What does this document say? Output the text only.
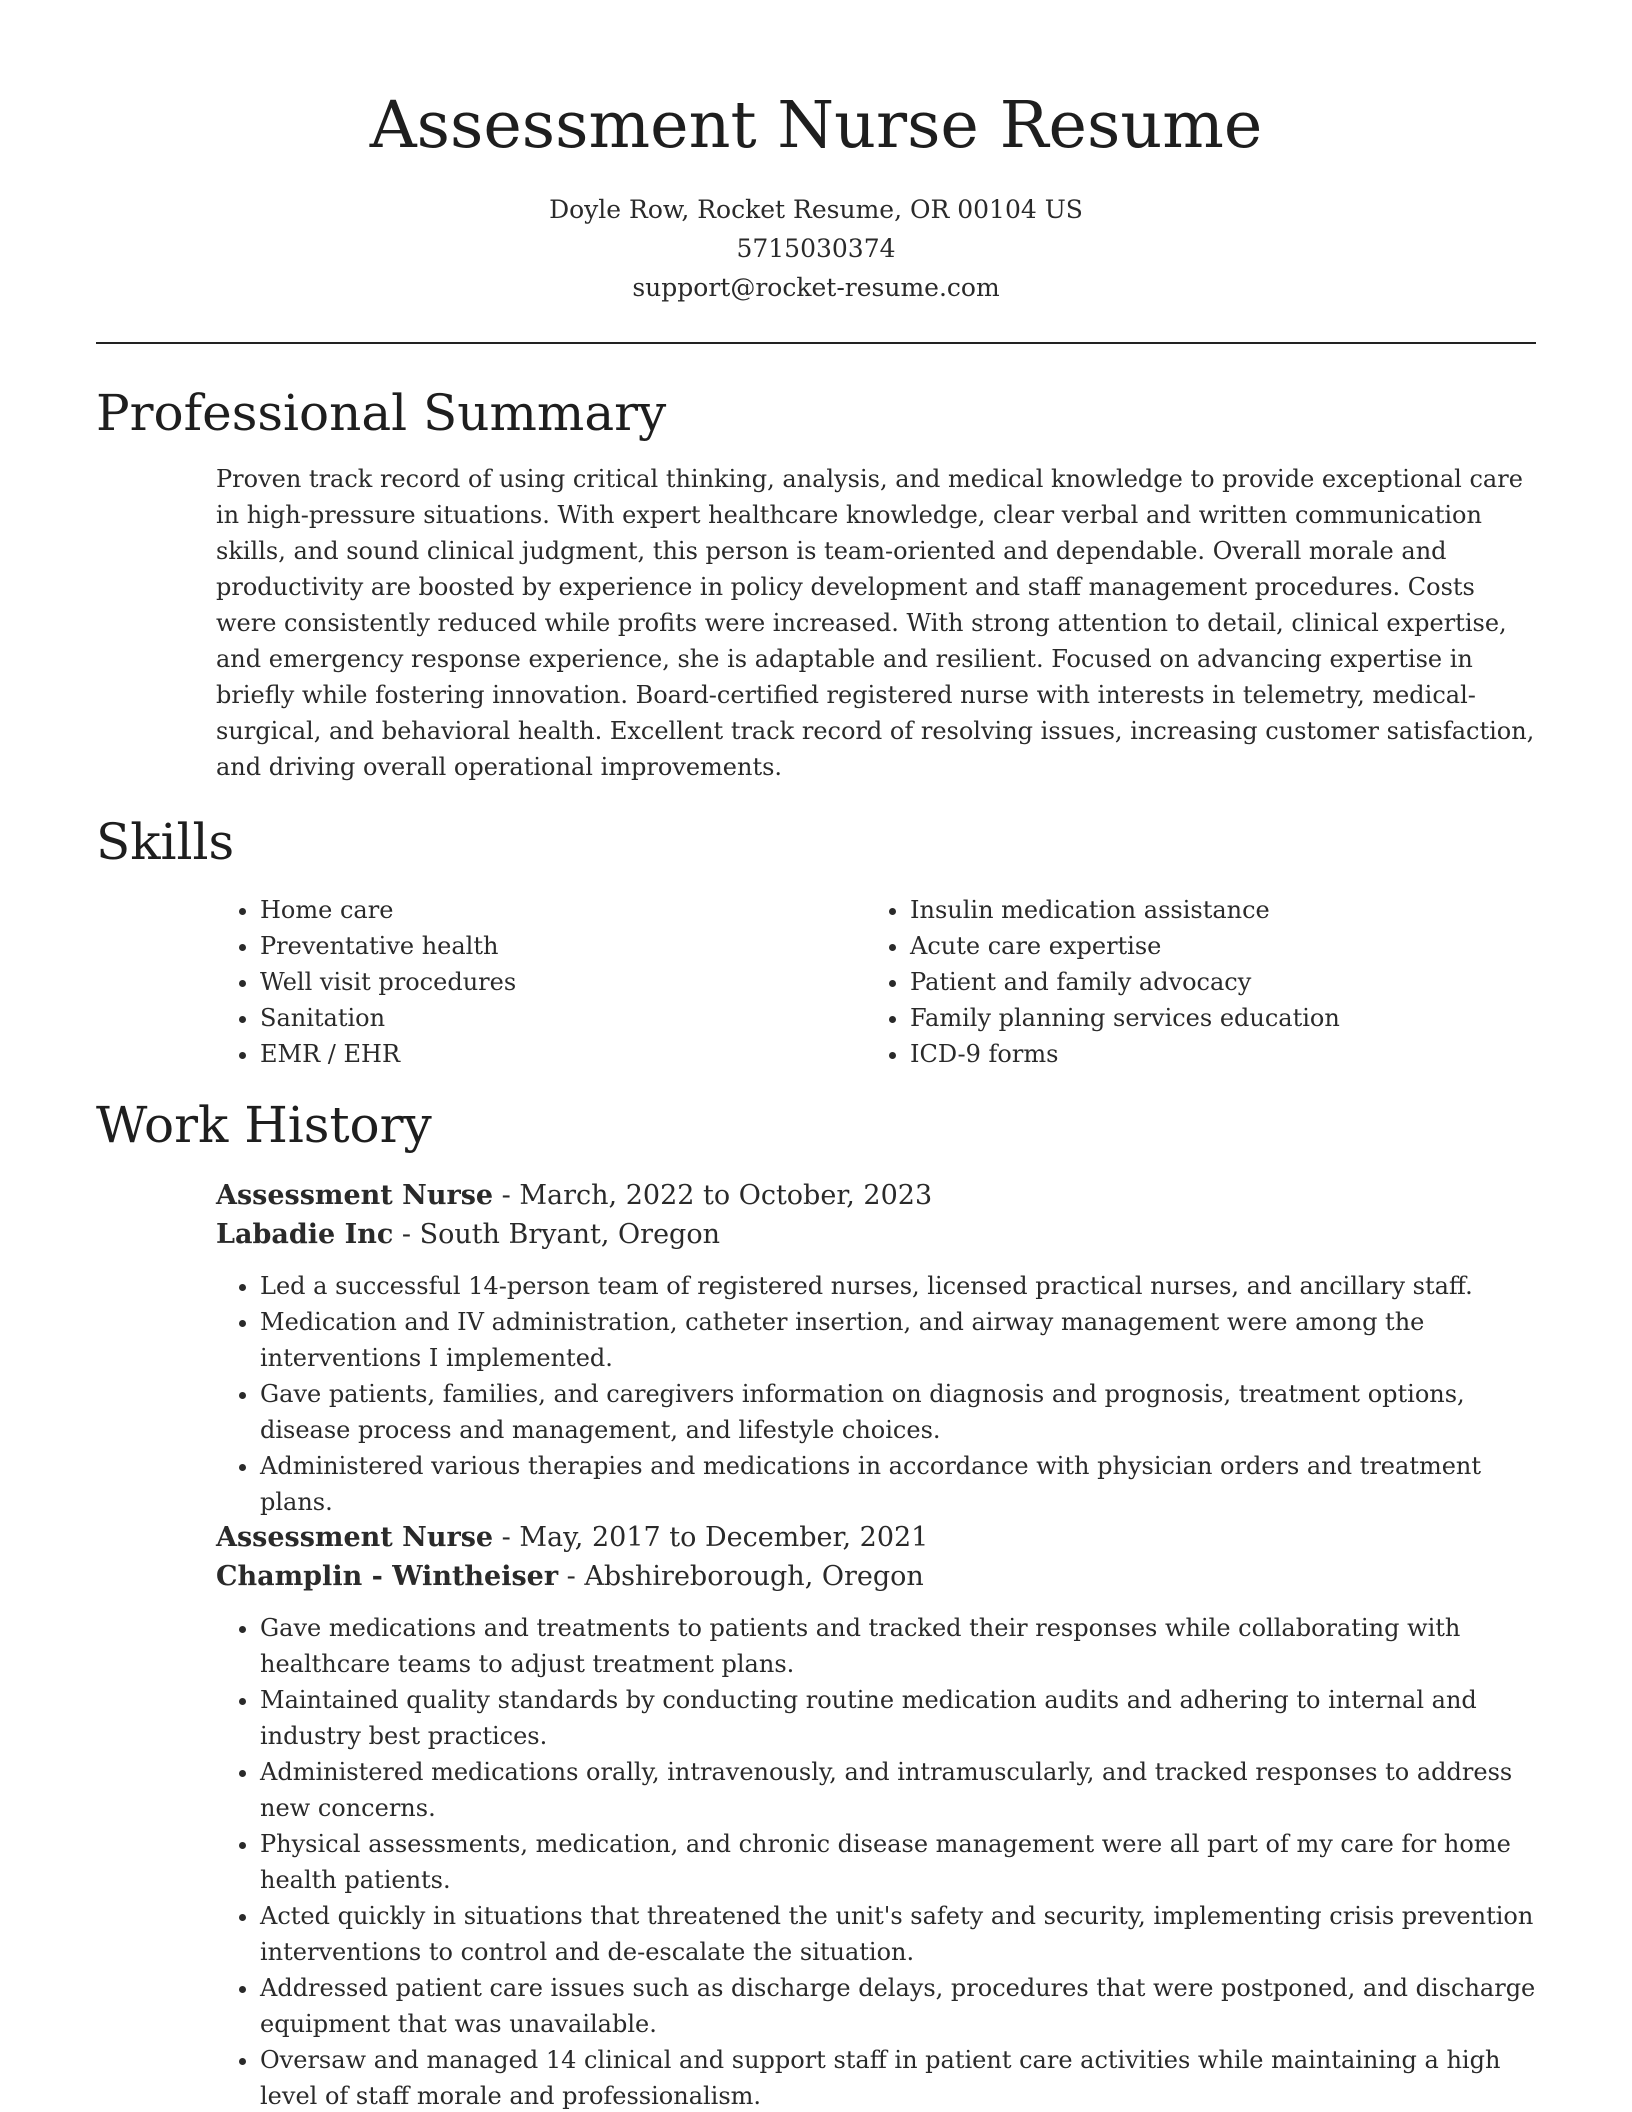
Assessment Nurse Resume
Doyle Row, Rocket Resume, OR 00104 US
5715030374
support@rocket-resume.com
Professional Summary

Proven track record of using critical thinking, analysis, and medical knowledge to provide exceptional care in high-pressure situations. With expert healthcare knowledge, clear verbal and written communication skills, and sound clinical judgment, this person is team-oriented and dependable. Overall morale and productivity are boosted by experience in policy development and staff management procedures. Costs were consistently reduced while profits were increased. With strong attention to detail, clinical expertise, and emergency response experience, she is adaptable and resilient. Focused on advancing expertise in briefly while fostering innovation. Board-certified registered nurse with interests in telemetry, medical-surgical, and behavioral health. Excellent track record of resolving issues, increasing customer satisfaction, and driving overall operational improvements.

Skills
• Home care
• Preventative health
• Well visit procedures
• Sanitation
• EMR / EHR
• Insulin medication assistance
• Acute care expertise
• Patient and family advocacy
• Family planning services education
• ICD-9 forms
Work History
Assessment Nurse - March, 2022 to October, 2023
Labadie Inc - South Bryant, Oregon
• Led a successful 14-person team of registered nurses, licensed practical nurses, and ancillary staff.
• Medication and IV administration, catheter insertion, and airway management were among the interventions I implemented.
• Gave patients, families, and caregivers information on diagnosis and prognosis, treatment options, disease process and management, and lifestyle choices.
• Administered various therapies and medications in accordance with physician orders and treatment plans.
Assessment Nurse - May, 2017 to December, 2021
Champlin - Wintheiser - Abshireborough, Oregon
• Gave medications and treatments to patients and tracked their responses while collaborating with healthcare teams to adjust treatment plans.
• Maintained quality standards by conducting routine medication audits and adhering to internal and industry best practices.
• Administered medications orally, intravenously, and intramuscularly, and tracked responses to address new concerns.
• Physical assessments, medication, and chronic disease management were all part of my care for home health patients.
• Acted quickly in situations that threatened the unit's safety and security, implementing crisis prevention interventions to control and de-escalate the situation.
• Addressed patient care issues such as discharge delays, procedures that were postponed, and discharge equipment that was unavailable.
• Oversaw and managed 14 clinical and support staff in patient care activities while maintaining a high level of staff morale and professionalism.
